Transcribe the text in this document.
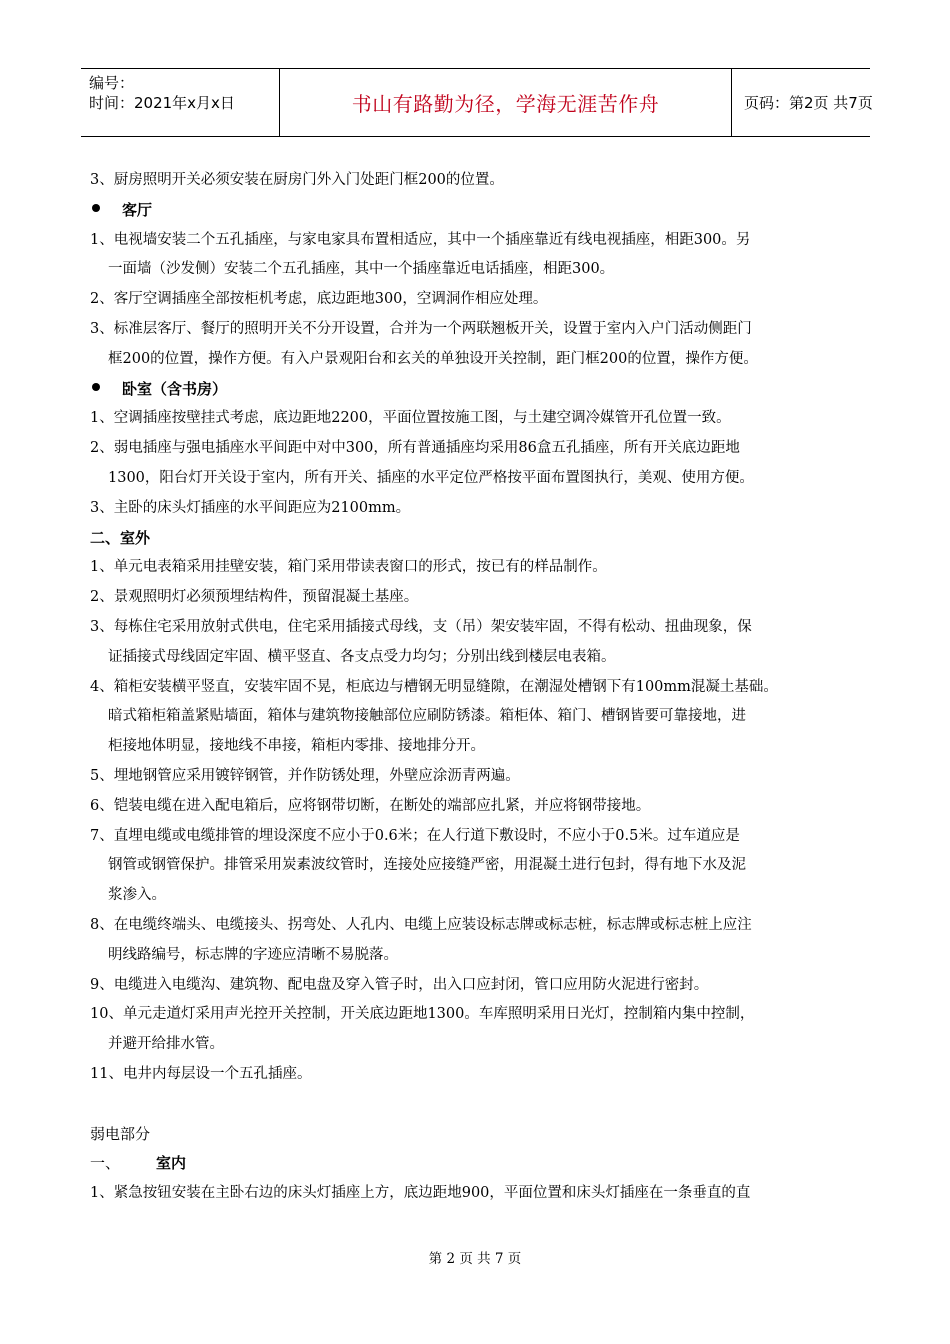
编号：
时间：2021年x月x日	书山有路勤为径，学海无涯苦作舟	页码：第2页 共7页
3、厨房照明开关必须安装在厨房门外入门处距门框200的位置。
客厅
1、电视墙安装二个五孔插座，与家电家具布置相适应，其中一个插座靠近有线电视插座，相距300。另
一面墙（沙发侧）安装二个五孔插座，其中一个插座靠近电话插座，相距300。
2、客厅空调插座全部按柜机考虑，底边距地300，空调洞作相应处理。
3、标准层客厅、餐厅的照明开关不分开设置，合并为一个两联翘板开关，设置于室内入户门活动侧距门
框200的位置，操作方便。有入户景观阳台和玄关的单独设开关控制，距门框200的位置，操作方便。
卧室（含书房）
1、空调插座按壁挂式考虑，底边距地2200，平面位置按施工图，与土建空调冷媒管开孔位置一致。
2、弱电插座与强电插座水平间距中对中300，所有普通插座均采用86盒五孔插座，所有开关底边距地
1300，阳台灯开关设于室内，所有开关、插座的水平定位严格按平面布置图执行，美观、使用方便。
3、主卧的床头灯插座的水平间距应为2100mm。
二、室外
1、单元电表箱采用挂壁安装，箱门采用带读表窗口的形式，按已有的样品制作。
2、景观照明灯必须预埋结构件，预留混凝土基座。
3、每栋住宅采用放射式供电，住宅采用插接式母线，支（吊）架安装牢固，不得有松动、扭曲现象，保
证插接式母线固定牢固、横平竖直、各支点受力均匀；分别出线到楼层电表箱。
4、箱柜安装横平竖直，安装牢固不晃，柜底边与槽钢无明显缝隙，在潮湿处槽钢下有100mm混凝土基础。
暗式箱柜箱盖紧贴墙面，箱体与建筑物接触部位应刷防锈漆。箱柜体、箱门、槽钢皆要可靠接地，进
柜接地体明显，接地线不串接，箱柜内零排、接地排分开。
5、埋地钢管应采用镀锌钢管，并作防锈处理，外壁应涂沥青两遍。
6、铠装电缆在进入配电箱后，应将钢带切断，在断处的端部应扎紧，并应将钢带接地。
7、直埋电缆或电缆排管的埋设深度不应小于0.6米；在人行道下敷设时，不应小于0.5米。过车道应是
钢管或钢管保护。排管采用炭素波纹管时，连接处应接缝严密，用混凝土进行包封，得有地下水及泥
浆渗入。
8、在电缆终端头、电缆接头、拐弯处、人孔内、电缆上应装设标志牌或标志桩，标志牌或标志桩上应注
明线路编号，标志牌的字迹应清晰不易脱落。
9、电缆进入电缆沟、建筑物、配电盘及穿入管子时，出入口应封闭，管口应用防火泥进行密封。
10、单元走道灯采用声光控开关控制，开关底边距地1300。车库照明采用日光灯，控制箱内集中控制，
并避开给排水管。
11、电井内每层设一个五孔插座。
弱电部分
一、 室内
1、紧急按钮安装在主卧右边的床头灯插座上方，底边距地900，平面位置和床头灯插座在一条垂直的直
第 2 页 共 7 页
